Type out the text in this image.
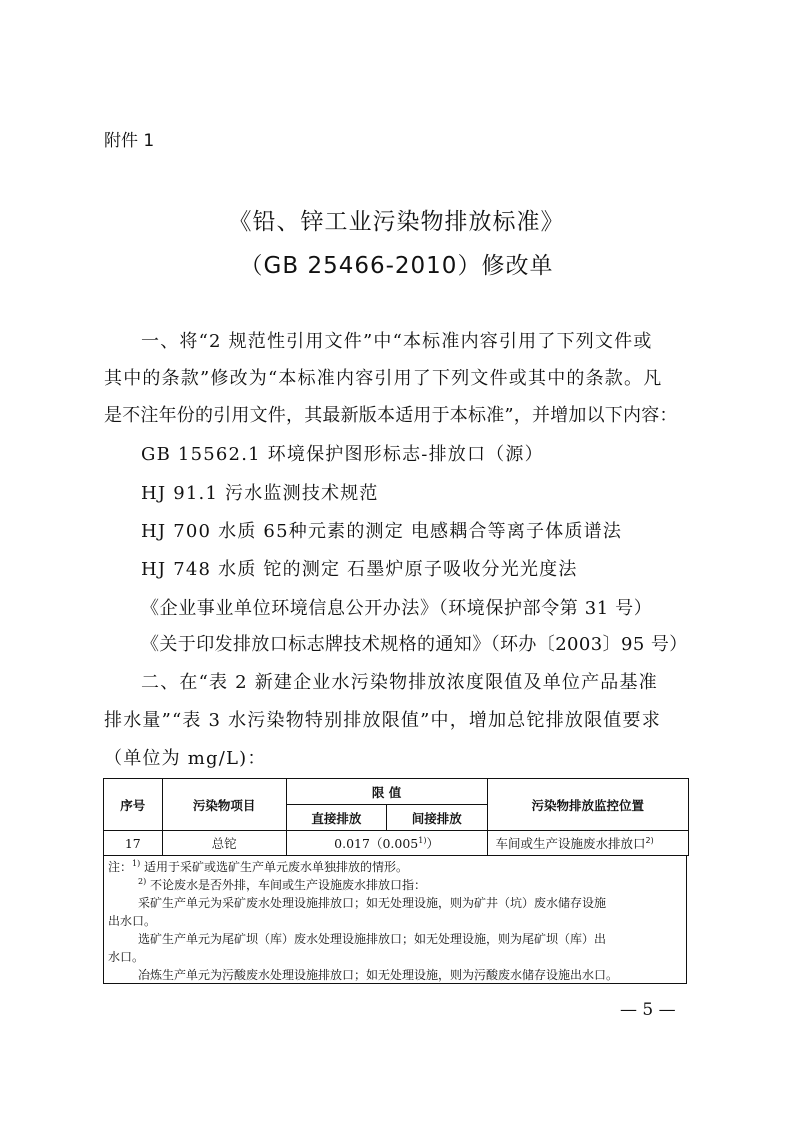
附件 1
《铅、锌工业污染物排放标准》
（GB 25466-2010）修改单
一、将“2 规范性引用文件”中“本标准内容引用了下列文件或
其中的条款”修改为“本标准内容引用了下列文件或其中的条款。凡
是不注年份的引用文件，其最新版本适用于本标准”，并增加以下内容：
GB 15562.1 环境保护图形标志-排放口（源）
HJ 91.1 污水监测技术规范
HJ 700 水质 65种元素的测定 电感耦合等离子体质谱法
HJ 748 水质 铊的测定 石墨炉原子吸收分光光度法
《企业事业单位环境信息公开办法》（环境保护部令第 31 号）
《关于印发排放口标志牌技术规格的通知》（环办〔2003〕95 号）
二、在“表 2 新建企业水污染物排放浓度限值及单位产品基准
排水量”“表 3 水污染物特别排放限值”中，增加总铊排放限值要求
（单位为 mg/L)：
序号	污染物项目	限 值		污染物排放监控位置
		直接排放	间接排放	
17	总铊	0.017（0.005$^{1)}$）		车间或生产设施废水排放口$^{2)}$
注：$^{1)}$ 适用于采矿或选矿生产单元废水单独排放的情形。
$^{2)}$ 不论废水是否外排，车间或生产设施废水排放口指：
采矿生产单元为采矿废水处理设施排放口；如无处理设施，则为矿井（坑）废水储存设施
出水口。
选矿生产单元为尾矿坝（库）废水处理设施排放口；如无处理设施，则为尾矿坝（库）出
水口。
冶炼生产单元为污酸废水处理设施排放口；如无处理设施，则为污酸废水储存设施出水口。
— 5 —
